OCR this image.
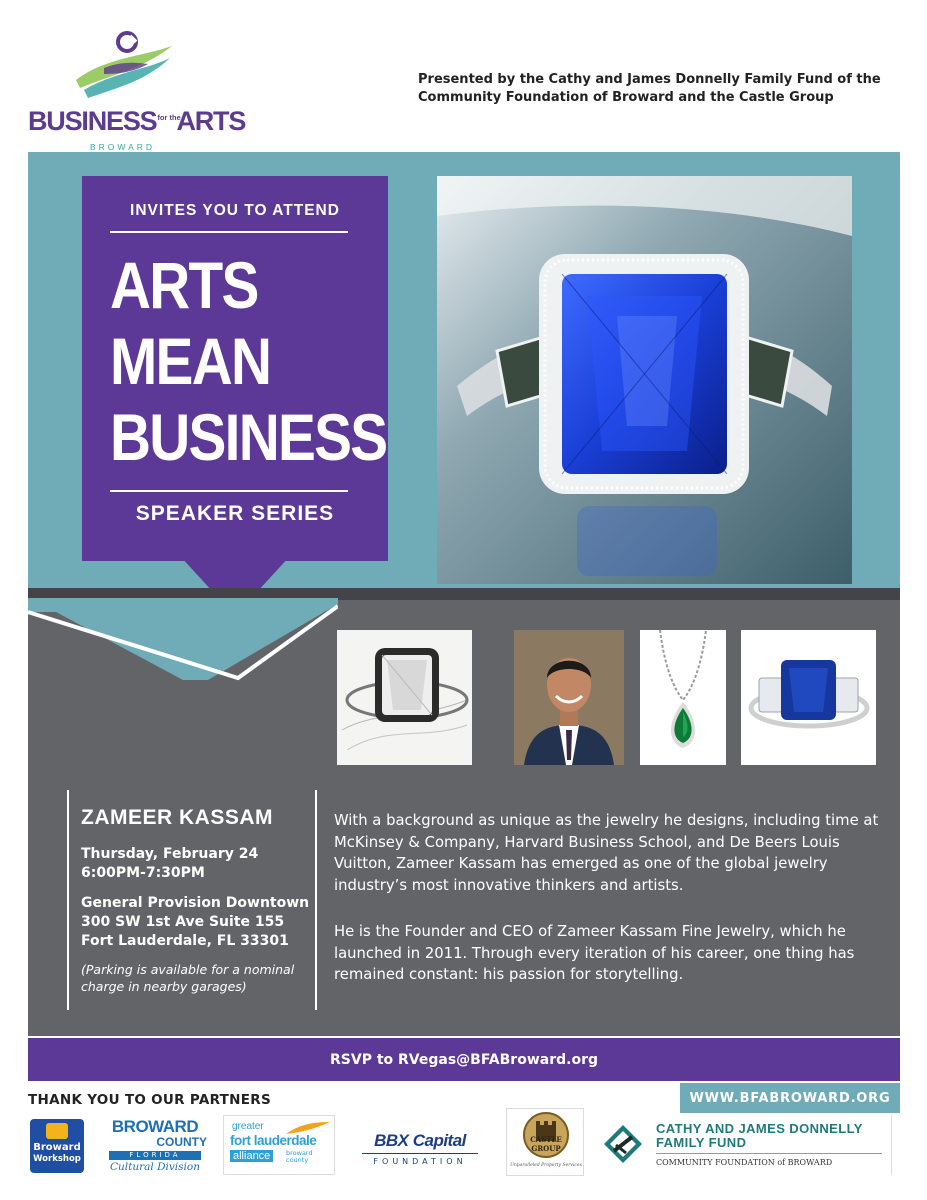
BUSINESSfor theARTS
BROWARD
Presented by the Cathy and James Donnelly Family Fund of the Community Foundation of Broward and the Castle Group
INVITES YOU TO ATTEND
ARTS
MEAN
BUSINESS
SPEAKER SERIES
ZAMEER KASSAM
Thursday, February 24
6:00PM-7:30PM
General Provision Downtown
300 SW 1st Ave Suite 155
Fort Lauderdale, FL 33301
(Parking is available for a nominal charge in nearby garages)
With a background as unique as the jewelry he designs, including time at McKinsey & Company, Harvard Business School, and De Beers Louis Vuitton, Zameer Kassam has emerged as one of the global jewelry industry’s most innovative thinkers and artists.
He is the Founder and CEO of Zameer Kassam Fine Jewelry, which he launched in 2011. Through every iteration of his career, one thing has remained constant: his passion for storytelling.
RSVP to RVegas@BFABroward.org
WWW.BFABROWARD.ORG
THANK YOU TO OUR PARTNERS
Broward
Workshop
BROWARD
COUNTY
FLORIDA
Cultural Division
greater
fort lauderdale
alliance	broward county
BBX Capital
FOUNDATION
CASTLE
GROUP
Unparalleled Property Services
CATHY AND JAMES DONNELLY
FAMILY FUND
COMMUNITY FOUNDATION of BROWARD
